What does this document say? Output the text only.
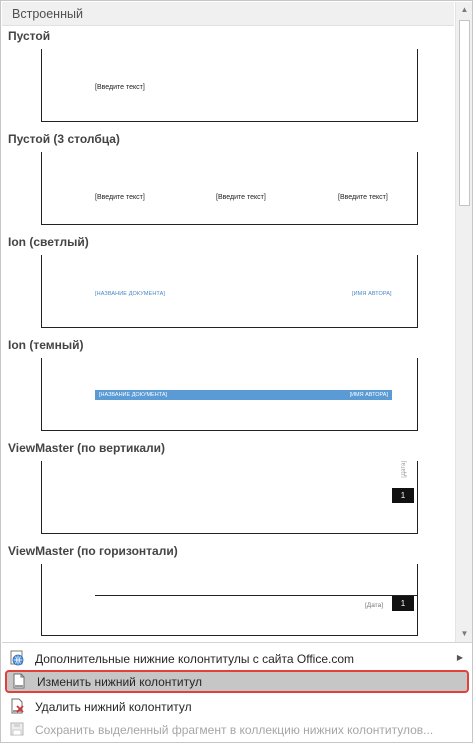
Встроенный
Пустой
[Введите текст]
Пустой (3 столбца)
[Введите текст]	[Введите текст]	[Введите текст]
Ion (светлый)
[НАЗВАНИЕ ДОКУМЕНТА]	[ИМЯ АВТОРА]
Ion (темный)
[НАЗВАНИЕ ДОКУМЕНТА]	[ИМЯ АВТОРА]
ViewMaster (по вертикали)
[Дата]
1
ViewMaster (по горизонтали)
[Дата]	1
▲
▼
Дополнительные нижние колонтитулы с сайта Office.com	▶
Изменить нижний колонтитул
Удалить нижний колонтитул
Сохранить выделенный фрагмент в коллекцию нижних колонтитулов...
